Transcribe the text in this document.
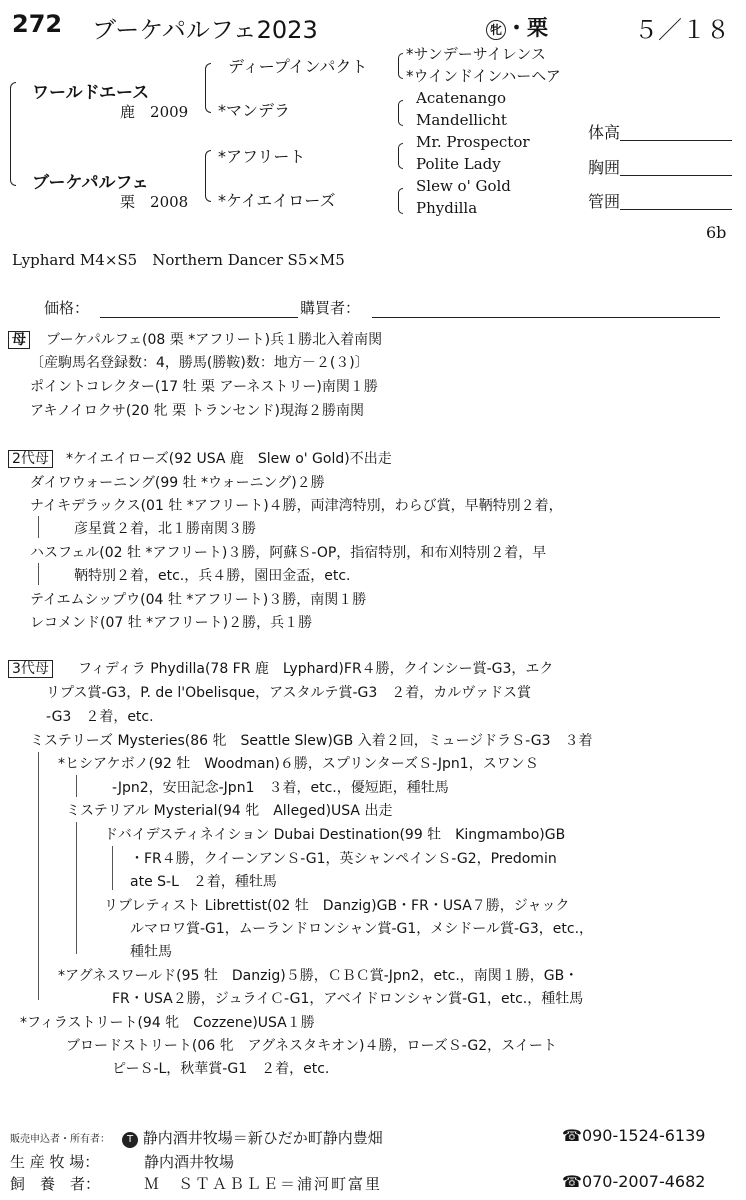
272 ブーケパルフェ2023	牝 ・栗	５／１８
ワールドエース
鹿　 2009
ディープインパクト
*マンデラ
*サンデーサイレンス
*ウインドインハーヘア
Acatenango
Mandellicht
ブーケパルフェ
栗　 2008
*アフリート
*ケイエイローズ
Mr. Prospector
Polite Lady
Slew o' Gold
Phydilla
体高
胸囲
管囲
6b
Lyphard M4×S5　Northern Dancer S5×M5
価格：	購買者：
母 ブーケパルフェ(08 栗 *アフリート)兵１勝北入着南関
〔産駒馬名登録数：4，勝馬(勝鞍)数：地方－２(３)〕
ポイントコレクター(17 牡 栗 アーネストリー)南関１勝
アキノイロクサ(20 牝 栗 トランセンド)現海２勝南関
2代母 *ケイエイローズ(92 USA 鹿　Slew o' Gold)不出走
ダイワウォーニング(99 牡 *ウォーニング)２勝
ナイキデラックス(01 牡 *アフリート)４勝，両津湾特別，わらび賞，早鞆特別２着，
彦星賞２着，北１勝南関３勝
ハスフェル(02 牡 *アフリート)３勝，阿蘇Ｓ-OP，指宿特別，和布刈特別２着，早
鞆特別２着，etc.，兵４勝，園田金盃，etc.
テイエムシップウ(04 牡 *アフリート)３勝，南関１勝
レコメンド(07 牡 *アフリート)２勝，兵１勝
3代母 フィディラ Phydilla(78 FR 鹿　Lyphard)FR４勝，クインシー賞-G3，エク
リプス賞-G3，P. de l'Obelisque，アスタルテ賞-G3　２着，カルヴァドス賞
-G3　２着，etc.
ミステリーズ Mysteries(86 牝　Seattle Slew)GB 入着２回，ミュージドラＳ-G3　３着
*ヒシアケボノ(92 牡　Woodman)６勝，スプリンターズＳ-Jpn1，スワンＳ
-Jpn2，安田記念-Jpn1　３着，etc.，優短距，種牡馬
ミステリアル Mysterial(94 牝　Alleged)USA 出走
ドバイデスティネイション Dubai Destination(99 牡　Kingmambo)GB
・FR４勝，クイーンアンＳ-G1，英シャンペインＳ-G2，Predomin
ate S-L　２着，種牡馬
リブレティスト Librettist(02 牡　Danzig)GB・FR・USA７勝，ジャック
ルマロワ賞-G1，ムーランドロンシャン賞-G1，メシドール賞-G3，etc.，
種牡馬
*アグネスワールド(95 牡　Danzig)５勝，ＣＢＣ賞-Jpn2，etc.，南関１勝，GB・
FR・USA２勝，ジュライＣ-G1，アベイドロンシャン賞-G1，etc.，種牡馬
*フィラストリート(94 牝　Cozzene)USA１勝
ブロードストリート(06 牝　アグネスタキオン)４勝，ローズＳ-G2，スイート
ピーＳ-L，秋華賞-G1　２着，etc.
販売申込者・所有者：	T 静内酒井牧場＝新ひだか町静内豊畑	☎090-1524-6139
生 産 牧 場：	静内酒井牧場
飼　養　者：	Ｍ　ＳＴＡＢＬＥ＝浦河町富里	☎070-2007-4682
